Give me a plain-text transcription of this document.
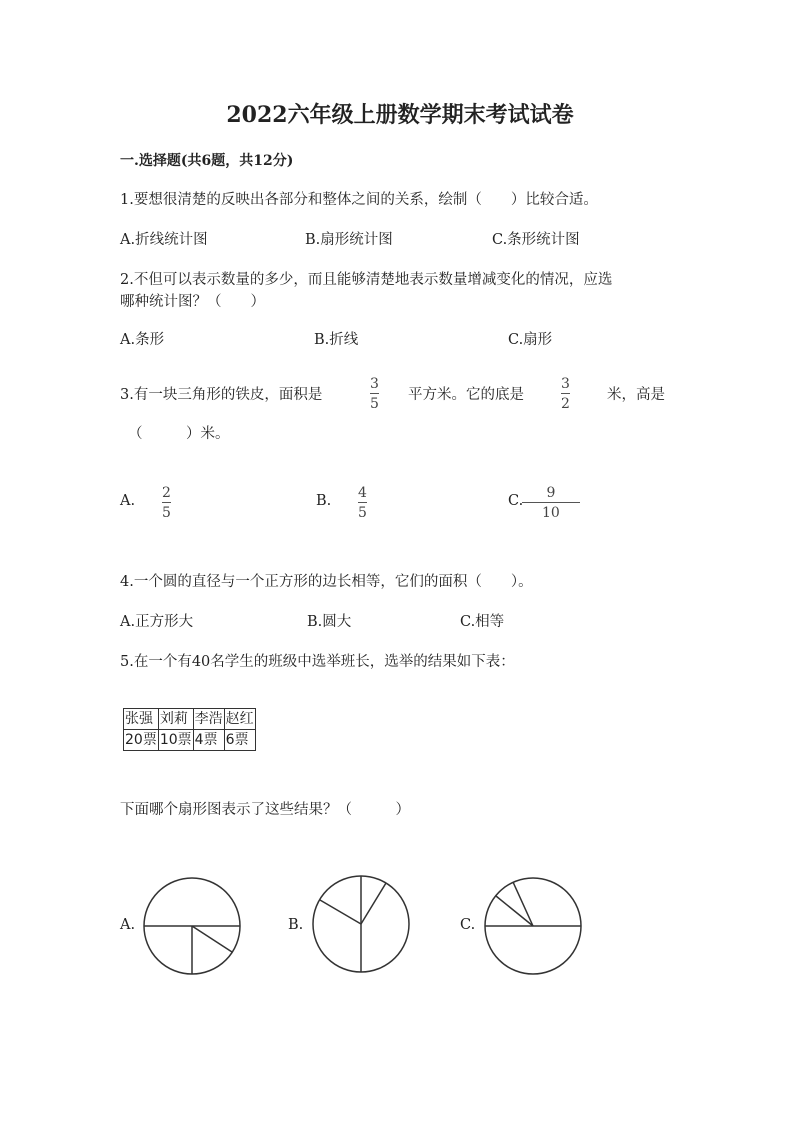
2022六年级上册数学期末考试试卷
一.选择题(共6题，共12分)
1.要想很清楚的反映出各部分和整体之间的关系，绘制（　　）比较合适。
A.折线统计图	B.扇形统计图	C.条形统计图
2.不但可以表示数量的多少，而且能够清楚地表示数量增减变化的情况，应选
哪种统计图？（　　）
A.条形	B.折线	C.扇形
3.有一块三角形的铁皮，面积是	$\frac{3}{5}$ 平方米。它的底是	$\frac{3}{2}$ 米，高是
（　　　）米。
A. $\frac{2}{5}$	B. $\frac{4}{5}$	C.
$\frac{9}{10}$
4.一个圆的直径与一个正方形的边长相等，它们的面积（　　）。
A.正方形大	B.圆大	C.相等
5.在一个有40名学生的班级中选举班长，选举的结果如下表：
张强	刘莉	李浩	赵红
20票	10票	4票	6票
下面哪个扇形图表示了这些结果？（　　　）
A.	B.	C.
